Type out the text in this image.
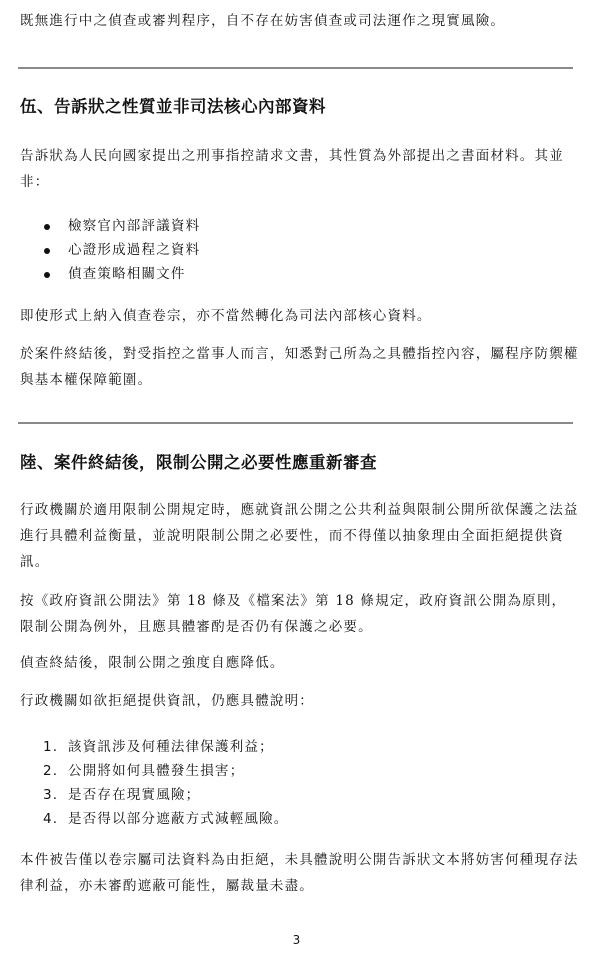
既無進行中之偵查或審判程序，自不存在妨害偵查或司法運作之現實風險。

伍、告訴狀之性質並非司法核心內部資料

告訴狀為人民向國家提出之刑事指控請求文書，其性質為外部提出之書面材料。其並非：

檢察官內部評議資料
心證形成過程之資料
偵查策略相關文件

即使形式上納入偵查卷宗，亦不當然轉化為司法內部核心資料。

於案件終結後，對受指控之當事人而言，知悉對己所為之具體指控內容，屬程序防禦權與基本權保障範圍。

陸、案件終結後，限制公開之必要性應重新審查

行政機關於適用限制公開規定時，應就資訊公開之公共利益與限制公開所欲保護之法益進行具體利益衡量，並說明限制公開之必要性，而不得僅以抽象理由全面拒絕提供資訊。

按《政府資訊公開法》第 18 條及《檔案法》第 18 條規定，政府資訊公開為原則，限制公開為例外，且應具體審酌是否仍有保護之必要。

偵查終結後，限制公開之強度自應降低。

行政機關如欲拒絕提供資訊，仍應具體說明：

1. 該資訊涉及何種法律保護利益；
2. 公開將如何具體發生損害；
3. 是否存在現實風險；
4. 是否得以部分遮蔽方式減輕風險。

本件被告僅以卷宗屬司法資料為由拒絕，未具體說明公開告訴狀文本將妨害何種現存法律利益，亦未審酌遮蔽可能性，屬裁量未盡。

3
